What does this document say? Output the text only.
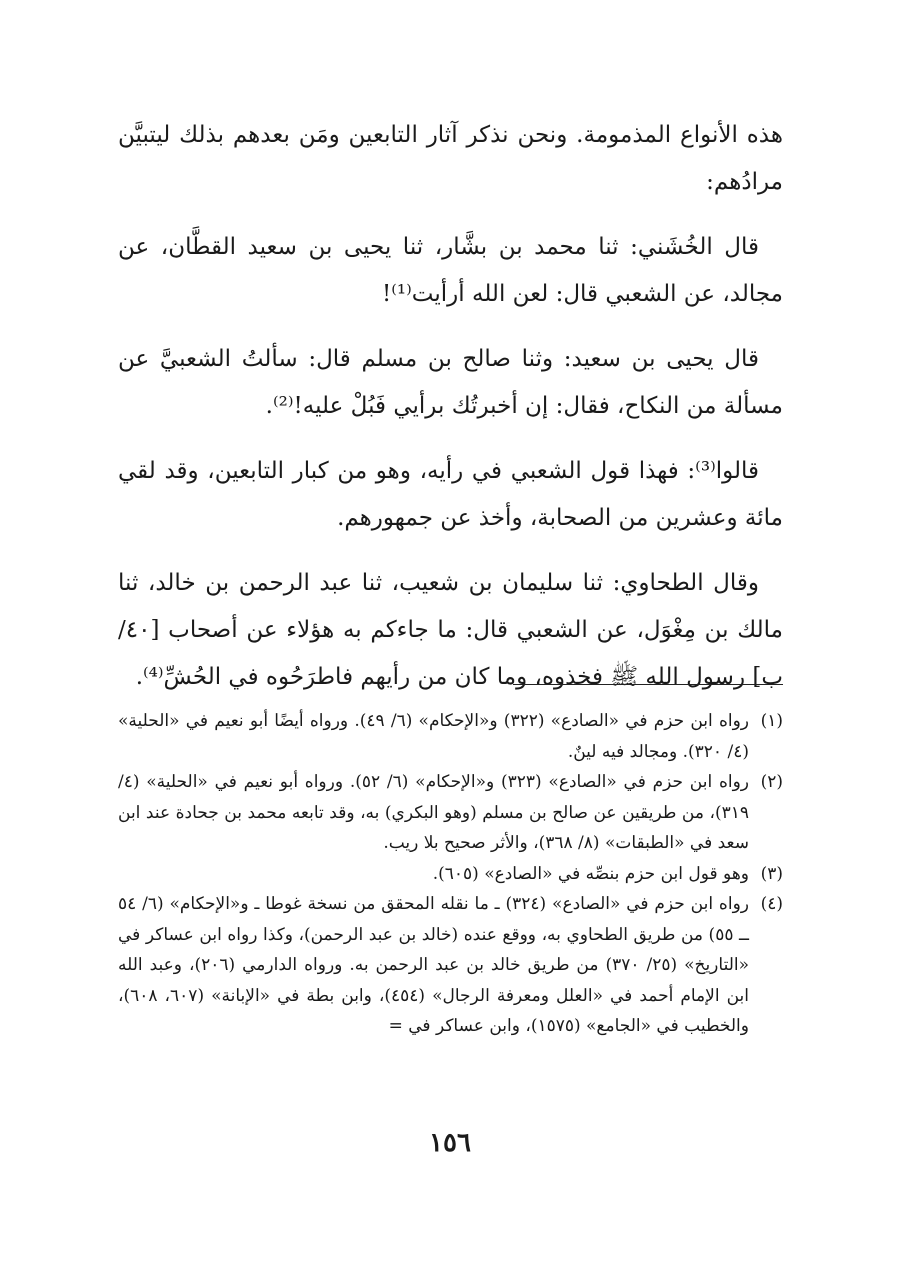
هذه الأنواع المذمومة. ونحن نذكر آثار التابعين ومَن بعدهم بذلك ليتبيَّن مرادُهم:

قال الخُشَني: ثنا محمد بن بشَّار، ثنا يحيى بن سعيد القطَّان، عن مجالد، عن الشعبي قال: لعن الله أرأيت⁽¹⁾!

قال يحيى بن سعيد: وثنا صالح بن مسلم قال: سألتُ الشعبيَّ عن مسألة من النكاح، فقال: إن أخبرتُك برأيي فَبُلْ عليه!⁽²⁾.

قالوا⁽³⁾: فهذا قول الشعبي في رأيه، وهو من كبار التابعين، وقد لقي مائة وعشرين من الصحابة، وأخذ عن جمهورهم.

وقال الطحاوي: ثنا سليمان بن شعيب، ثنا عبد الرحمن بن خالد، ثنا مالك بن مِغْوَل، عن الشعبي قال: ما جاءكم به هؤلاء عن أصحاب [٤٠/ب] رسول الله ﷺ فخذوه، وما كان من رأيهم فاطرَحُوه في الحُشِّ⁽⁴⁾.

(١)
رواه ابن حزم في «الصادع» (٣٢٢) و«الإحكام» (٦/ ٤٩). ورواه أيضًا أبو نعيم في «الحلية» (٤/ ٣٢٠). ومجالد فيه لينٌ.
(٢)
رواه ابن حزم في «الصادع» (٣٢٣) و«الإحكام» (٦/ ٥٢). ورواه أبو نعيم في «الحلية» (٤/ ٣١٩)، من طريقين عن صالح بن مسلم (وهو البكري) به، وقد تابعه محمد بن جحادة عند ابن سعد في «الطبقات» (٨/ ٣٦٨)، والأثر صحيح بلا ريب.
(٣)
وهو قول ابن حزم بنصِّه في «الصادع» (٦٠٥).
(٤)
رواه ابن حزم في «الصادع» (٣٢٤) ـ ما نقله المحقق من نسخة غوطا ـ و«الإحكام» (٦/ ٥٤ ــ ٥٥) من طريق الطحاوي به، ووقع عنده (خالد بن عبد الرحمن)، وكذا رواه ابن عساكر في «التاريخ» (٢٥/ ٣٧٠) من طريق خالد بن عبد الرحمن به. ورواه الدارمي (٢٠٦)، وعبد الله ابن الإمام أحمد في «العلل ومعرفة الرجال» (٤٥٤)، وابن بطة في «الإبانة» (٦٠٧، ٦٠٨)، والخطيب في «الجامع» (١٥٧٥)، وابن عساكر في =
١٥٦
